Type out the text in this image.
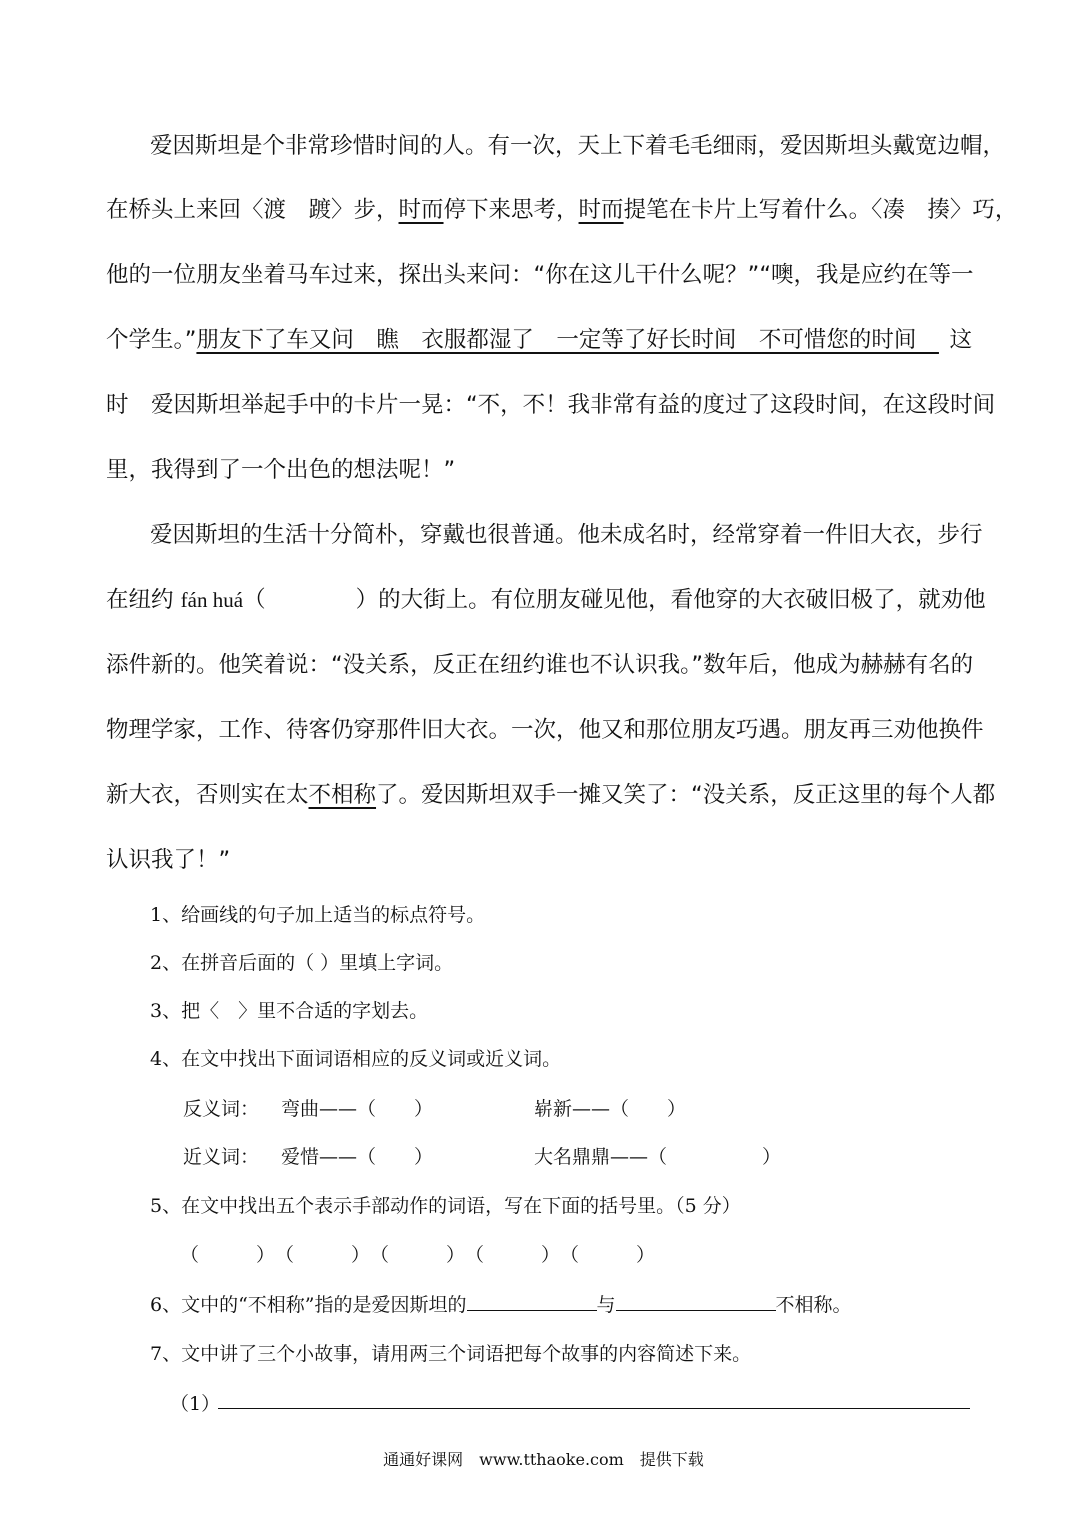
爱因斯坦是个非常珍惜时间的人。有一次，天上下着毛毛细雨，爱因斯坦头戴宽边帽，
在桥头上来回〈渡　踱〉步，时而停下来思考，时而提笔在卡片上写着什么。〈凑　揍〉巧，
他的一位朋友坐着马车过来，探出头来问：“你在这儿干什么呢？”“噢，我是应约在等一
个学生。”朋友下了车又问　瞧　衣服都湿了　一定等了好长时间　不可惜您的时间　 这
时　爱因斯坦举起手中的卡片一晃：“不，不！我非常有益的度过了这段时间，在这段时间
里，我得到了一个出色的想法呢！”
爱因斯坦的生活十分简朴，穿戴也很普通。他未成名时，经常穿着一件旧大衣，步行
在纽约 fán huá（　　　　）的大街上。有位朋友碰见他，看他穿的大衣破旧极了，就劝他
添件新的。他笑着说：“没关系，反正在纽约谁也不认识我。”数年后，他成为赫赫有名的
物理学家，工作、待客仍穿那件旧大衣。一次，他又和那位朋友巧遇。朋友再三劝他换件
新大衣，否则实在太不相称了。爱因斯坦双手一摊又笑了：“没关系，反正这里的每个人都
认识我了！”
1、给画线的句子加上适当的标点符号。
2、在拼音后面的（ ）里填上字词。
3、把〈　〉里不合适的字划去。
4、在文中找出下面词语相应的反义词或近义词。
反义词： 弯曲——（　　）	崭新——（　　）
近义词： 爱惜——（　　）	大名鼎鼎——（　　　　　）
5、在文中找出五个表示手部动作的词语，写在下面的括号里。（5 分）
（　　　）　（　　　）　（　　　）　（　　　）　（　　　）
6、文中的“不相称”指的是爱因斯坦的	与	不相称。
7、文中讲了三个小故事，请用两三个词语把每个故事的内容简述下来。
（1）
通通好课网　www.tthaoke.com　提供下载
